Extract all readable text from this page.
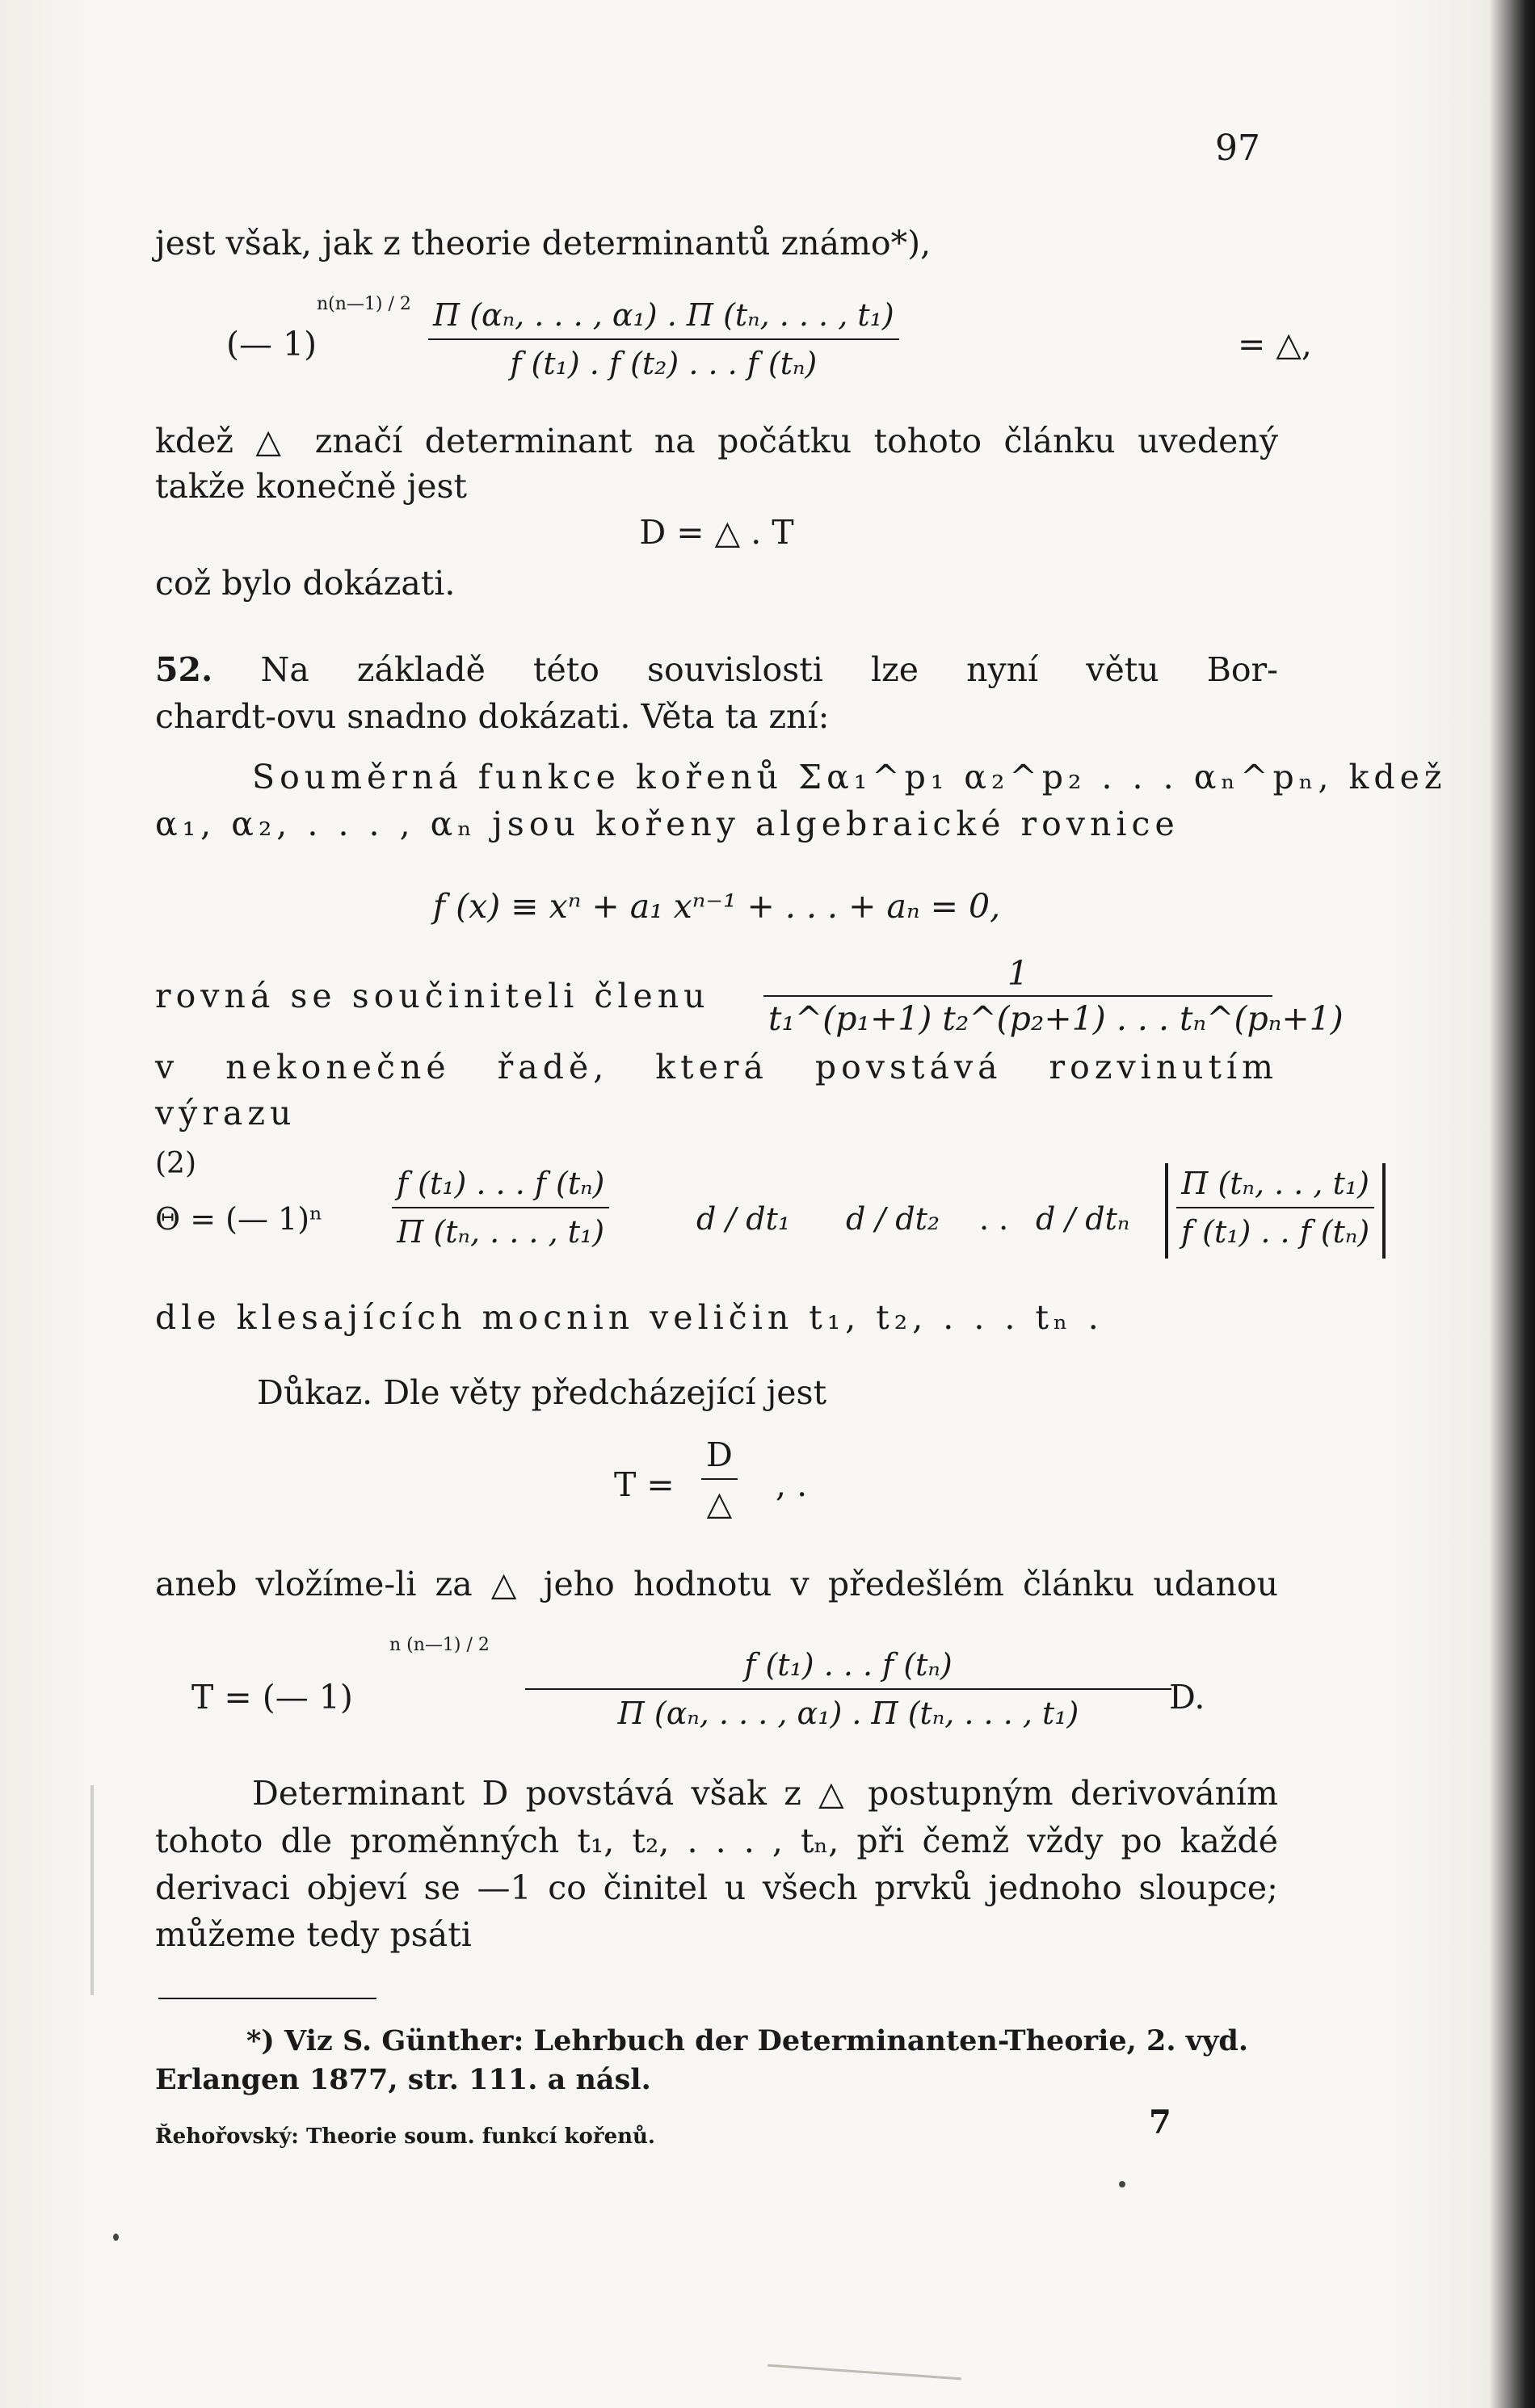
97
jest však, jak z theorie determinantů známo*),
(— 1)
n(n—1) / $2 \frac{\text{Π (αₙ, . . . , α₁) . Π (tₙ, . . . , t₁)}}{\text{f (t₁) . f (t₂) . . . f (tₙ)}}$	= △,
kdež △ značí determinant na počátku tohoto článku uvedený
takže konečně jest
D = △ . T
což bylo dokázati.
52. Na základě této souvislosti lze nyní větu Bor-
chardt-ovu snadno dokázati. Věta ta zní:
Souměrná funkce kořenů Σα₁^p₁ α₂^p₂ . . . αₙ^pₙ, kdež
α₁, α₂, . . . , αₙ jsou kořeny algebraické rovnice
f (x) ≡ xⁿ + a₁ xⁿ⁻¹ + . . . + aₙ = 0,
rovná se součiniteli členu $\frac{1}{\text{t₁\textasciicircum{}(p₁+1) t₂\textasciicircum{}(p₂+1) . . . tₙ\textasciicircum{}(pₙ+1)}}$
v nekonečné řadě, která povstává rozvinutím
výrazu
(2)
Θ = (— $1)^n \frac{\text{f (t₁) . . . f (tₙ)}}{\text{Π (tₙ, . . . , t₁)}}$	d / dt₁ d / dt₂ . . d / dtₙ $\frac{\text{Π (tₙ, . . , t₁)}}{\text{f (t₁) . . f (tₙ)}}$
dle klesajících mocnin veličin t₁, t₂, . . . tₙ .
Důkaz. Dle věty předcházející jest
T =
D
△ , .
aneb vložíme-li za △ jeho hodnotu v předešlém článku udanou
T = (— 1)
n (n—1) / $2 \frac{\text{f (t₁) . . . f (tₙ)}}{\text{Π (αₙ, . . . , α₁) . Π (tₙ, . . . , t₁)}}$
D.
Determinant D povstává však z △ postupným derivováním
tohoto dle proměnných t₁, t₂, . . . , tₙ, při čemž vždy po každé
derivaci objeví se —1 co činitel u všech prvků jednoho sloupce;
můžeme tedy psáti
*) Viz S. Günther: Lehrbuch der Determinanten-Theorie, 2. vyd.
Erlangen 1877, str. 111. a násl.
Řehořovský: Theorie soum. funkcí kořenů.	7
